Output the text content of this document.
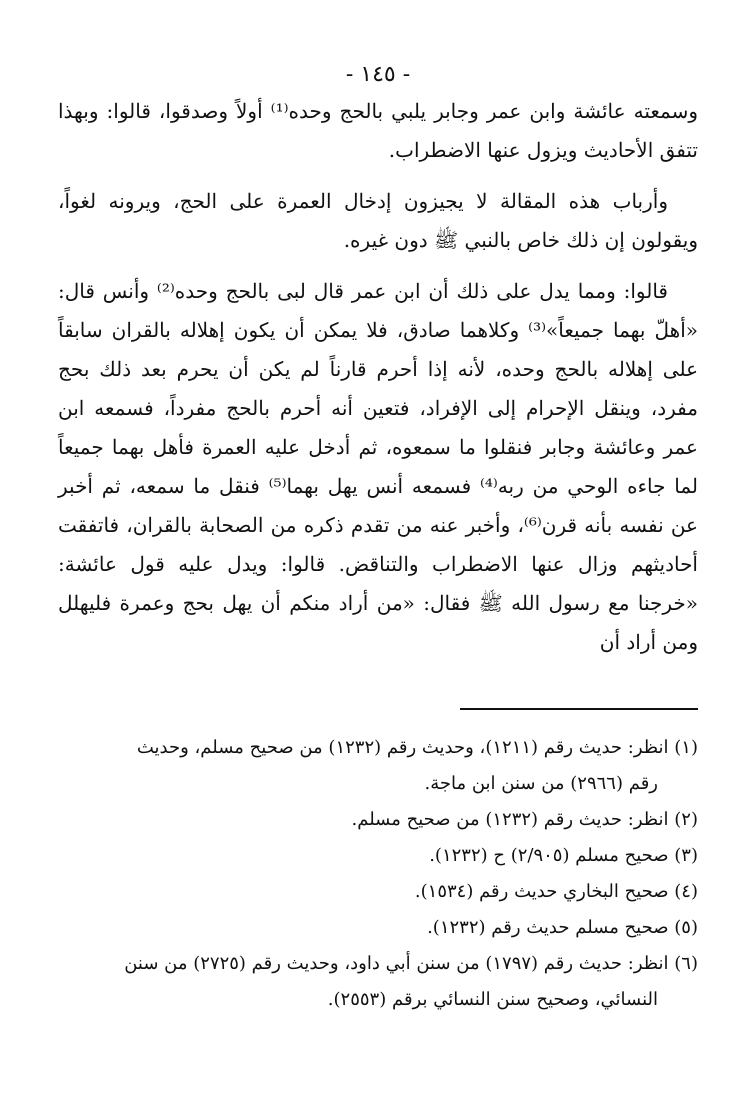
- ١٤٥ -

وسمعته عائشة وابن عمر وجابر يلبي بالحج وحده⁽¹⁾ أولاً وصدقوا، قالوا: وبهذا تتفق الأحاديث ويزول عنها الاضطراب.

وأرباب هذه المقالة لا يجيزون إدخال العمرة على الحج، ويرونه لغواً، ويقولون إن ذلك خاص بالنبي ﷺ دون غيره.

قالوا: ومما يدل على ذلك أن ابن عمر قال لبى بالحج وحده⁽²⁾ وأنس قال: «أهلّ بهما جميعاً»⁽³⁾ وكلاهما صادق، فلا يمكن أن يكون إهلاله بالقران سابقاً على إهلاله بالحج وحده، لأنه إذا أحرم قارناً لم يكن أن يحرم بعد ذلك بحج مفرد، وينقل الإحرام إلى الإفراد، فتعين أنه أحرم بالحج مفرداً، فسمعه ابن عمر وعائشة وجابر فنقلوا ما سمعوه، ثم أدخل عليه العمرة فأهل بهما جميعاً لما جاءه الوحي من ربه⁽⁴⁾ فسمعه أنس يهل بهما⁽⁵⁾ فنقل ما سمعه، ثم أخبر عن نفسه بأنه قرن⁽⁶⁾، وأخبر عنه من تقدم ذكره من الصحابة بالقران، فاتفقت أحاديثهم وزال عنها الاضطراب والتناقض. قالوا: ويدل عليه قول عائشة: «خرجنا مع رسول الله ﷺ فقال: «من أراد منكم أن يهل بحج وعمرة فليهلل ومن أراد أن

(١) انظر: حديث رقم (١٢١١)، وحديث رقم (١٢٣٢) من صحيح مسلم، وحديث

رقم (٢٩٦٦) من سنن ابن ماجة.

(٢) انظر: حديث رقم (١٢٣٢) من صحيح مسلم.

(٣) صحيح مسلم (٢/٩٠٥) ح (١٢٣٢).

(٤) صحيح البخاري حديث رقم (١٥٣٤).

(٥) صحيح مسلم حديث رقم (١٢٣٢).

(٦) انظر: حديث رقم (١٧٩٧) من سنن أبي داود، وحديث رقم (٢٧٢٥) من سنن

النسائي، وصحيح سنن النسائي برقم (٢٥٥٣).
